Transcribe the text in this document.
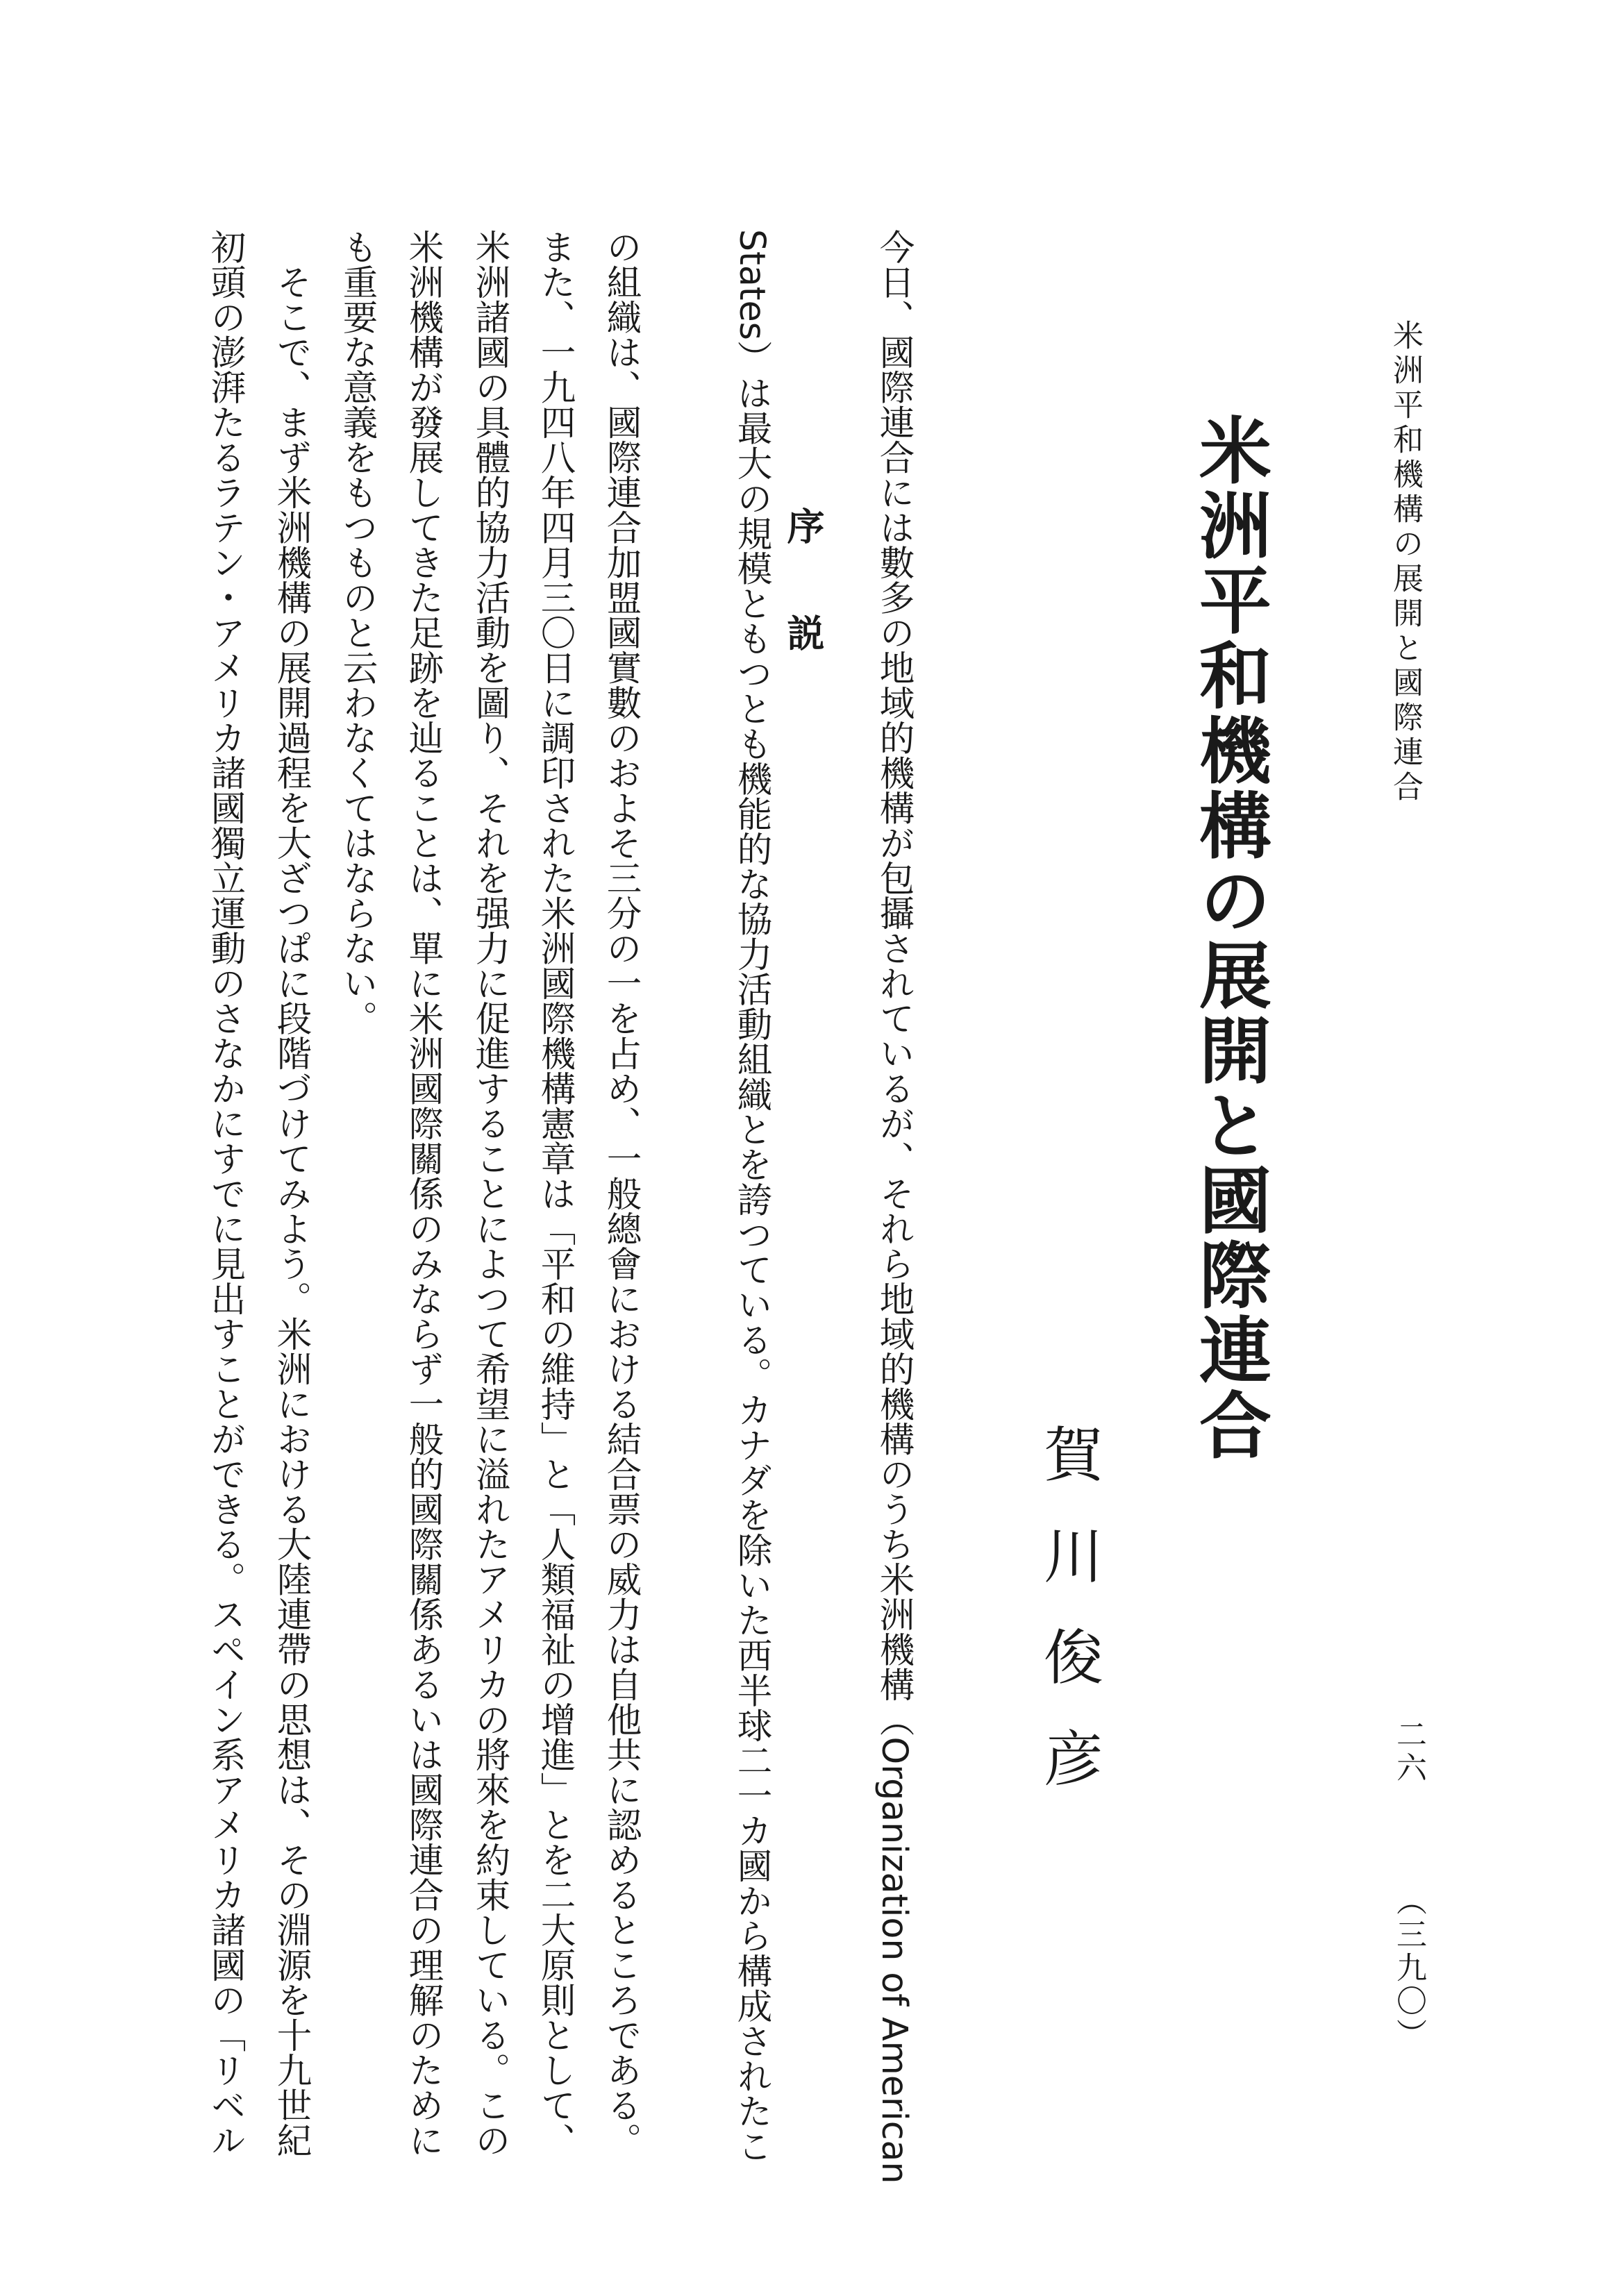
米洲平和機構の展開と國際連合
米洲平和機構の展開と國際連合
賀川俊彦	二六
（三九〇）
序説 今日、國際連合には數多の地域的機構が包攝されているが、それら地域的機構のうち米洲機構（Organization of American
States）は最大の規模ともつとも機能的な協力活動組織とを誇つている。カナダを除いた西半球二一カ國から構成されたこ
の組織は、國際連合加盟國實數のおよそ三分の一を占め、一般總會における結合票の威力は自他共に認めるところである。
また、一九四八年四月三〇日に調印された米洲國際機構憲章は「平和の維持」と「人類福祉の增進」とを二大原則として、
米洲諸國の具體的協力活動を圖り、それを强力に促進することによつて希望に溢れたアメリカの將來を約束している。この
米洲機構が發展してきた足跡を辿ることは、單に米洲國際關係のみならず一般的國際關係あるいは國際連合の理解のために
も重要な意義をもつものと云わなくてはならない。
　そこで、まず米洲機構の展開過程を大ざつぱに段階づけてみよう。米洲における大陸連帶の思想は、その淵源を十九世紀
初頭の澎湃たるラテン・アメリカ諸國獨立運動のさなかにすでに見出すことができる。スペイン系アメリカ諸國の「リベル
